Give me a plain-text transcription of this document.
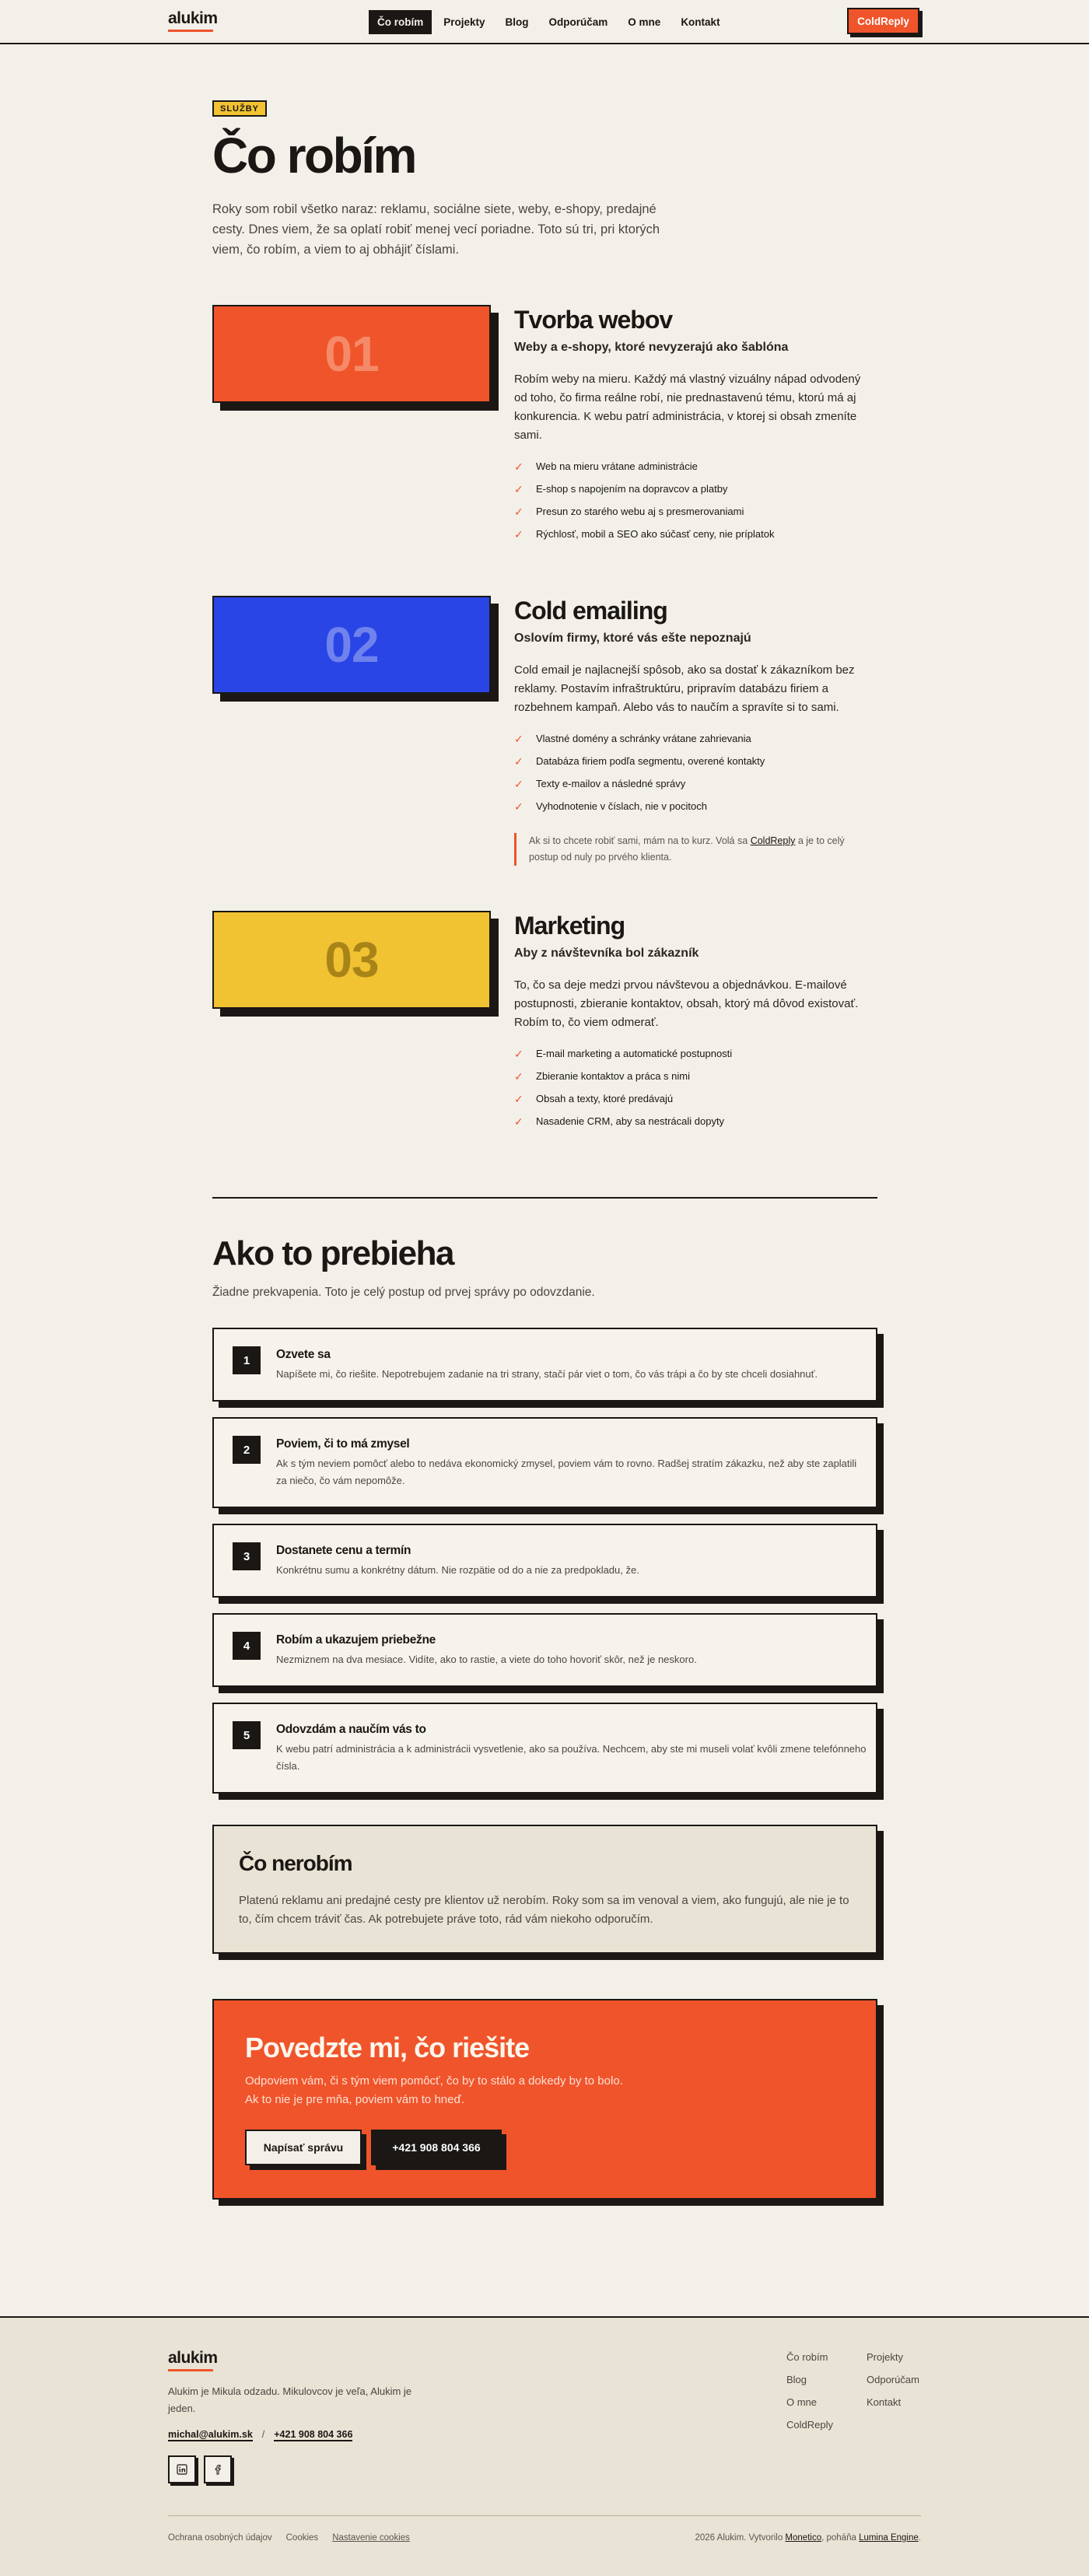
alukim	Čo robím	Projekty	Blog	Odporúčam	O mne	Kontakt	ColdReply
SLUŽBY
Čo robím

Roky som robil všetko naraz: reklamu, sociálne siete, weby, e-shopy, predajné cesty. Dnes viem, že sa oplatí robiť menej vecí poriadne. Toto sú tri, pri ktorých viem, čo robím, a viem to aj obhájiť číslami.

01
Tvorba webov
Weby a e-shopy, ktoré nevyzerajú ako šablóna

Robím weby na mieru. Každý má vlastný vizuálny nápad odvodený od toho, čo firma reálne robí, nie prednastavenú tému, ktorú má aj konkurencia. K webu patrí administrácia, v ktorej si obsah zmeníte sami.

✓	Web na mieru vrátane administrácie
✓	E-shop s napojením na dopravcov a platby
✓	Presun zo starého webu aj s presmerovaniami
✓	Rýchlosť, mobil a SEO ako súčasť ceny, nie príplatok
02
Cold emailing
Oslovím firmy, ktoré vás ešte nepoznajú

Cold email je najlacnejší spôsob, ako sa dostať k zákazníkom bez reklamy. Postavím infraštruktúru, pripravím databázu firiem a rozbehnem kampaň. Alebo vás to naučím a spravíte si to sami.

✓	Vlastné domény a schránky vrátane zahrievania
✓	Databáza firiem podľa segmentu, overené kontakty
✓	Texty e-mailov a následné správy
✓	Vyhodnotenie v číslach, nie v pocitoch
Ak si to chcete robiť sami, mám na to kurz. Volá sa ColdReply a je to celý postup od nuly po prvého klienta.
03
Marketing
Aby z návštevníka bol zákazník

To, čo sa deje medzi prvou návštevou a objednávkou. E-mailové postupnosti, zbieranie kontaktov, obsah, ktorý má dôvod existovať. Robím to, čo viem odmerať.

✓	E-mail marketing a automatické postupnosti
✓	Zbieranie kontaktov a práca s nimi
✓	Obsah a texty, ktoré predávajú
✓	Nasadenie CRM, aby sa nestrácali dopyty
Ako to prebieha

Žiadne prekvapenia. Toto je celý postup od prvej správy po odovzdanie.

1	Ozvete sa

Napíšete mi, čo riešite. Nepotrebujem zadanie na tri strany, stačí pár viet o tom, čo vás trápi a čo by ste chceli dosiahnuť.

2	Poviem, či to má zmysel

Ak s tým neviem pomôcť alebo to nedáva ekonomický zmysel, poviem vám to rovno. Radšej stratím zákazku, než aby ste zaplatili za niečo, čo vám nepomôže.

3	Dostanete cenu a termín

Konkrétnu sumu a konkrétny dátum. Nie rozpätie od do a nie za predpokladu, že.

4	Robím a ukazujem priebežne

Nezmiznem na dva mesiace. Vidíte, ako to rastie, a viete do toho hovoriť skôr, než je neskoro.

5	Odovzdám a naučím vás to

K webu patrí administrácia a k administrácii vysvetlenie, ako sa používa. Nechcem, aby ste mi museli volať kvôli zmene telefónneho čísla.

Čo nerobím

Platenú reklamu ani predajné cesty pre klientov už nerobím. Roky som sa im venoval a viem, ako fungujú, ale nie je to to, čím chcem tráviť čas. Ak potrebujete práve toto, rád vám niekoho odporučím.

Povedzte mi, čo riešite

Odpoviem vám, či s tým viem pomôcť, čo by to stálo a dokedy by to bolo.
Ak to nie je pre mňa, poviem vám to hneď.

Napísať správu	+421 908 804 366
alukim

Alukim je Mikula odzadu. Mikulovcov je veľa, Alukim je jeden.

michal@alukim.sk / +421 908 804 366
Čo robím
Blog
O mne
ColdReply
Projekty
Odporúčam
Kontakt
Ochrana osobných údajov Cookies Nastavenie cookies	2026 Alukim. Vytvorilo Monetico, poháňa Lumina Engine.
